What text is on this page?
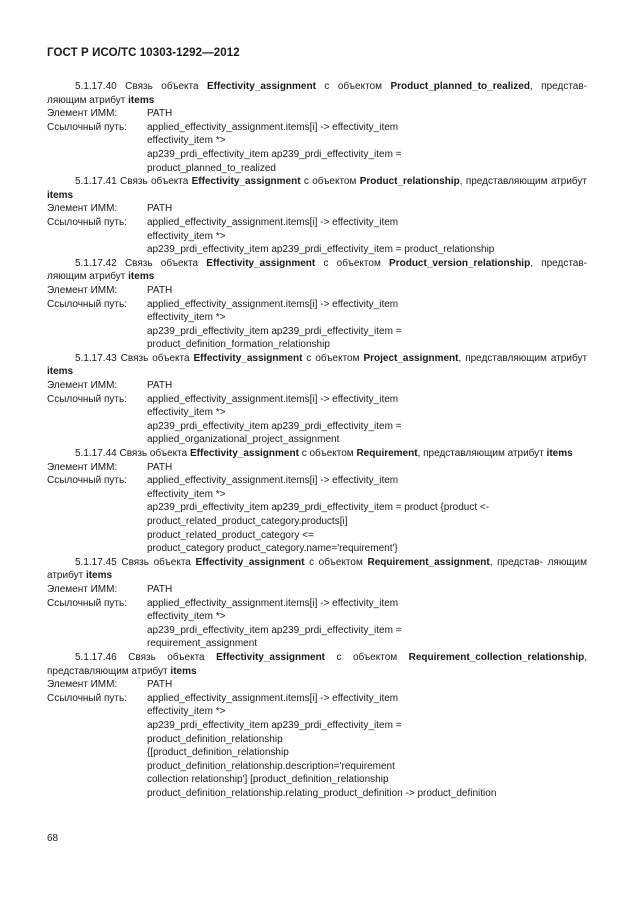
ГОСТ Р ИСО/ТС 10303-1292—2012

5.1.17.40 Связь объекта Effectivity_assignment с объектом Product_planned_to_realized, представ- ляющим атрибут items

Элемент ИММ:	PATH
Ссылочный путь:	applied_effectivity_assignment.items[i] -> effectivity_item
effectivity_item *>
ap239_prdi_effectivity_item ap239_prdi_effectivity_item =
product_planned_to_realized

5.1.17.41 Связь объекта Effectivity_assignment с объектом Product_relationship, представляющим атрибут items

Элемент ИММ:	PATH
Ссылочный путь:	applied_effectivity_assignment.items[i] -> effectivity_item
effectivity_item *>
ap239_prdi_effectivity_item ap239_prdi_effectivity_item = product_relationship

5.1.17.42 Связь объекта Effectivity_assignment с объектом Product_version_relationship, представ- ляющим атрибут items

Элемент ИММ:	PATH
Ссылочный путь:	applied_effectivity_assignment.items[i] -> effectivity_item
effectivity_item *>
ap239_prdi_effectivity_item ap239_prdi_effectivity_item =
product_definition_formation_relationship

5.1.17.43 Связь объекта Effectivity_assignment с объектом Project_assignment, представляющим атрибут items

Элемент ИММ:	PATH
Ссылочный путь:	applied_effectivity_assignment.items[i] -> effectivity_item
effectivity_item *>
ap239_prdi_effectivity_item ap239_prdi_effectivity_item =
applied_organizational_project_assignment

5.1.17.44 Связь объекта Effectivity_assignment с объектом Requirement, представляющим атрибут items

Элемент ИММ:	PATH
Ссылочный путь:	applied_effectivity_assignment.items[i] -> effectivity_item
effectivity_item *>
ap239_prdi_effectivity_item ap239_prdi_effectivity_item = product {product <-
product_related_product_category.products[i]
product_related_product_category <=
product_category product_category.name='requirement'}

5.1.17.45 Связь объекта Effectivity_assignment с объектом Requirement_assignment, представ- ляющим атрибут items

Элемент ИММ:	PATH
Ссылочный путь:	applied_effectivity_assignment.items[i] -> effectivity_item
effectivity_item *>
ap239_prdi_effectivity_item ap239_prdi_effectivity_item =
requirement_assignment

5.1.17.46 Связь объекта Effectivity_assignment с объектом Requirement_collection_relationship, представляющим атрибут items

Элемент ИММ:	PATH
Ссылочный путь:	applied_effectivity_assignment.items[i] -> effectivity_item
effectivity_item *>
ap239_prdi_effectivity_item ap239_prdi_effectivity_item =
product_definition_relationship
{[product_definition_relationship
product_definition_relationship.description='requirement
collection relationship'] [product_definition_relationship
product_definition_relationship.relating_product_definition -> product_definition
68
